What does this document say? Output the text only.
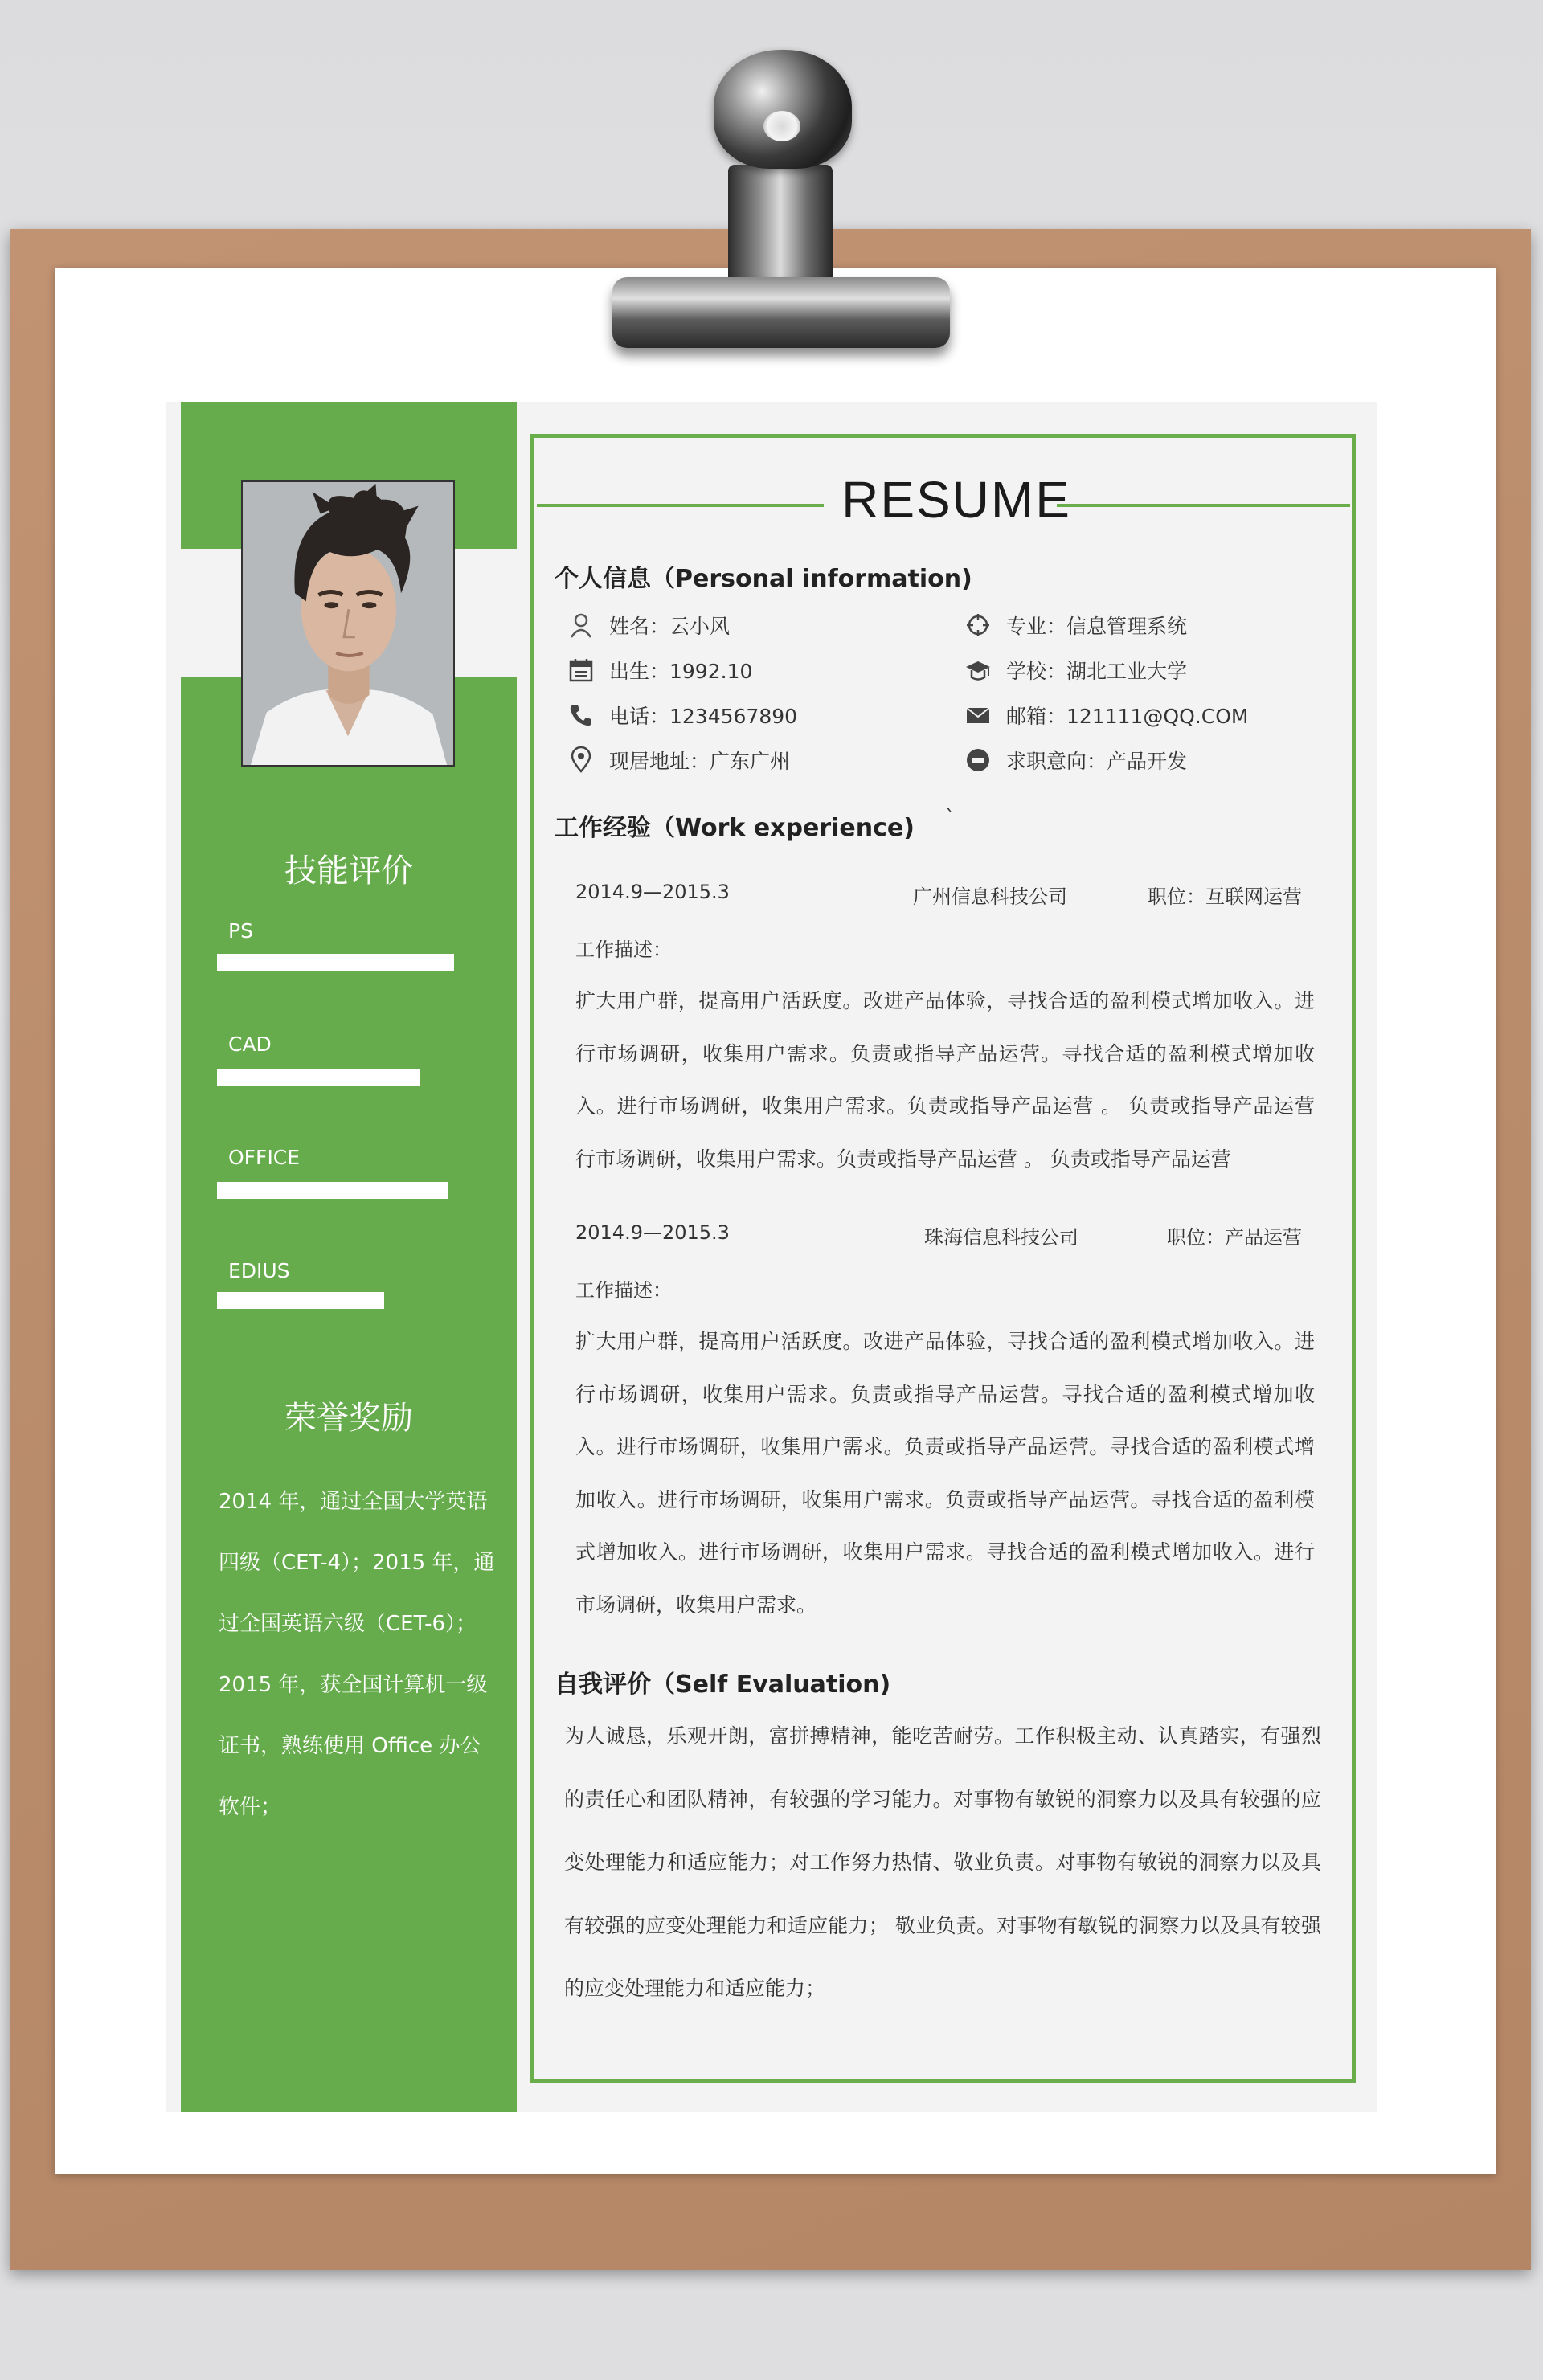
技能评价
PS
CAD
OFFICE
EDIUS
荣誉奖励
2014 年，通过全国大学英语四级（CET-4）；2015 年，通过全国英语六级（CET-6）；2015 年，获全国计算机一级证书，熟练使用 Office 办公软件；
RESUME
个人信息（Personal information)
姓名：云小风	专业：信息管理系统
出生：1992.10	学校：湖北工业大学
电话：1234567890	邮箱：121111@QQ.COM
现居地址：广东广州	求职意向：产品开发
工作经验（Work experience) `
2014.9—2015.3	广州信息科技公司	职位：互联网运营
工作描述：
扩大用户群，提高用户活跃度。改进产品体验，寻找合适的盈利模式增加收入。进行市场调研，收集用户需求。负责或指导产品运营。寻找合适的盈利模式增加收入。进行市场调研，收集用户需求。负责或指导产品运营 。 负责或指导产品运营 行市场调研，收集用户需求。负责或指导产品运营 。 负责或指导产品运营
2014.9—2015.3	珠海信息科技公司	职位：产品运营
工作描述：
扩大用户群，提高用户活跃度。改进产品体验，寻找合适的盈利模式增加收入。进行市场调研，收集用户需求。负责或指导产品运营。寻找合适的盈利模式增加收入。进行市场调研，收集用户需求。负责或指导产品运营。寻找合适的盈利模式增加收入。进行市场调研，收集用户需求。负责或指导产品运营。寻找合适的盈利模式增加收入。进行市场调研，收集用户需求。寻找合适的盈利模式增加收入。进行市场调研，收集用户需求。
自我评价（Self Evaluation)
为人诚恳，乐观开朗，富拼搏精神，能吃苦耐劳。工作积极主动、认真踏实，有强烈的责任心和团队精神，有较强的学习能力。对事物有敏锐的洞察力以及具有较强的应变处理能力和适应能力；对工作努力热情、敬业负责。对事物有敏锐的洞察力以及具有较强的应变处理能力和适应能力； 敬业负责。对事物有敏锐的洞察力以及具有较强的应变处理能力和适应能力；
